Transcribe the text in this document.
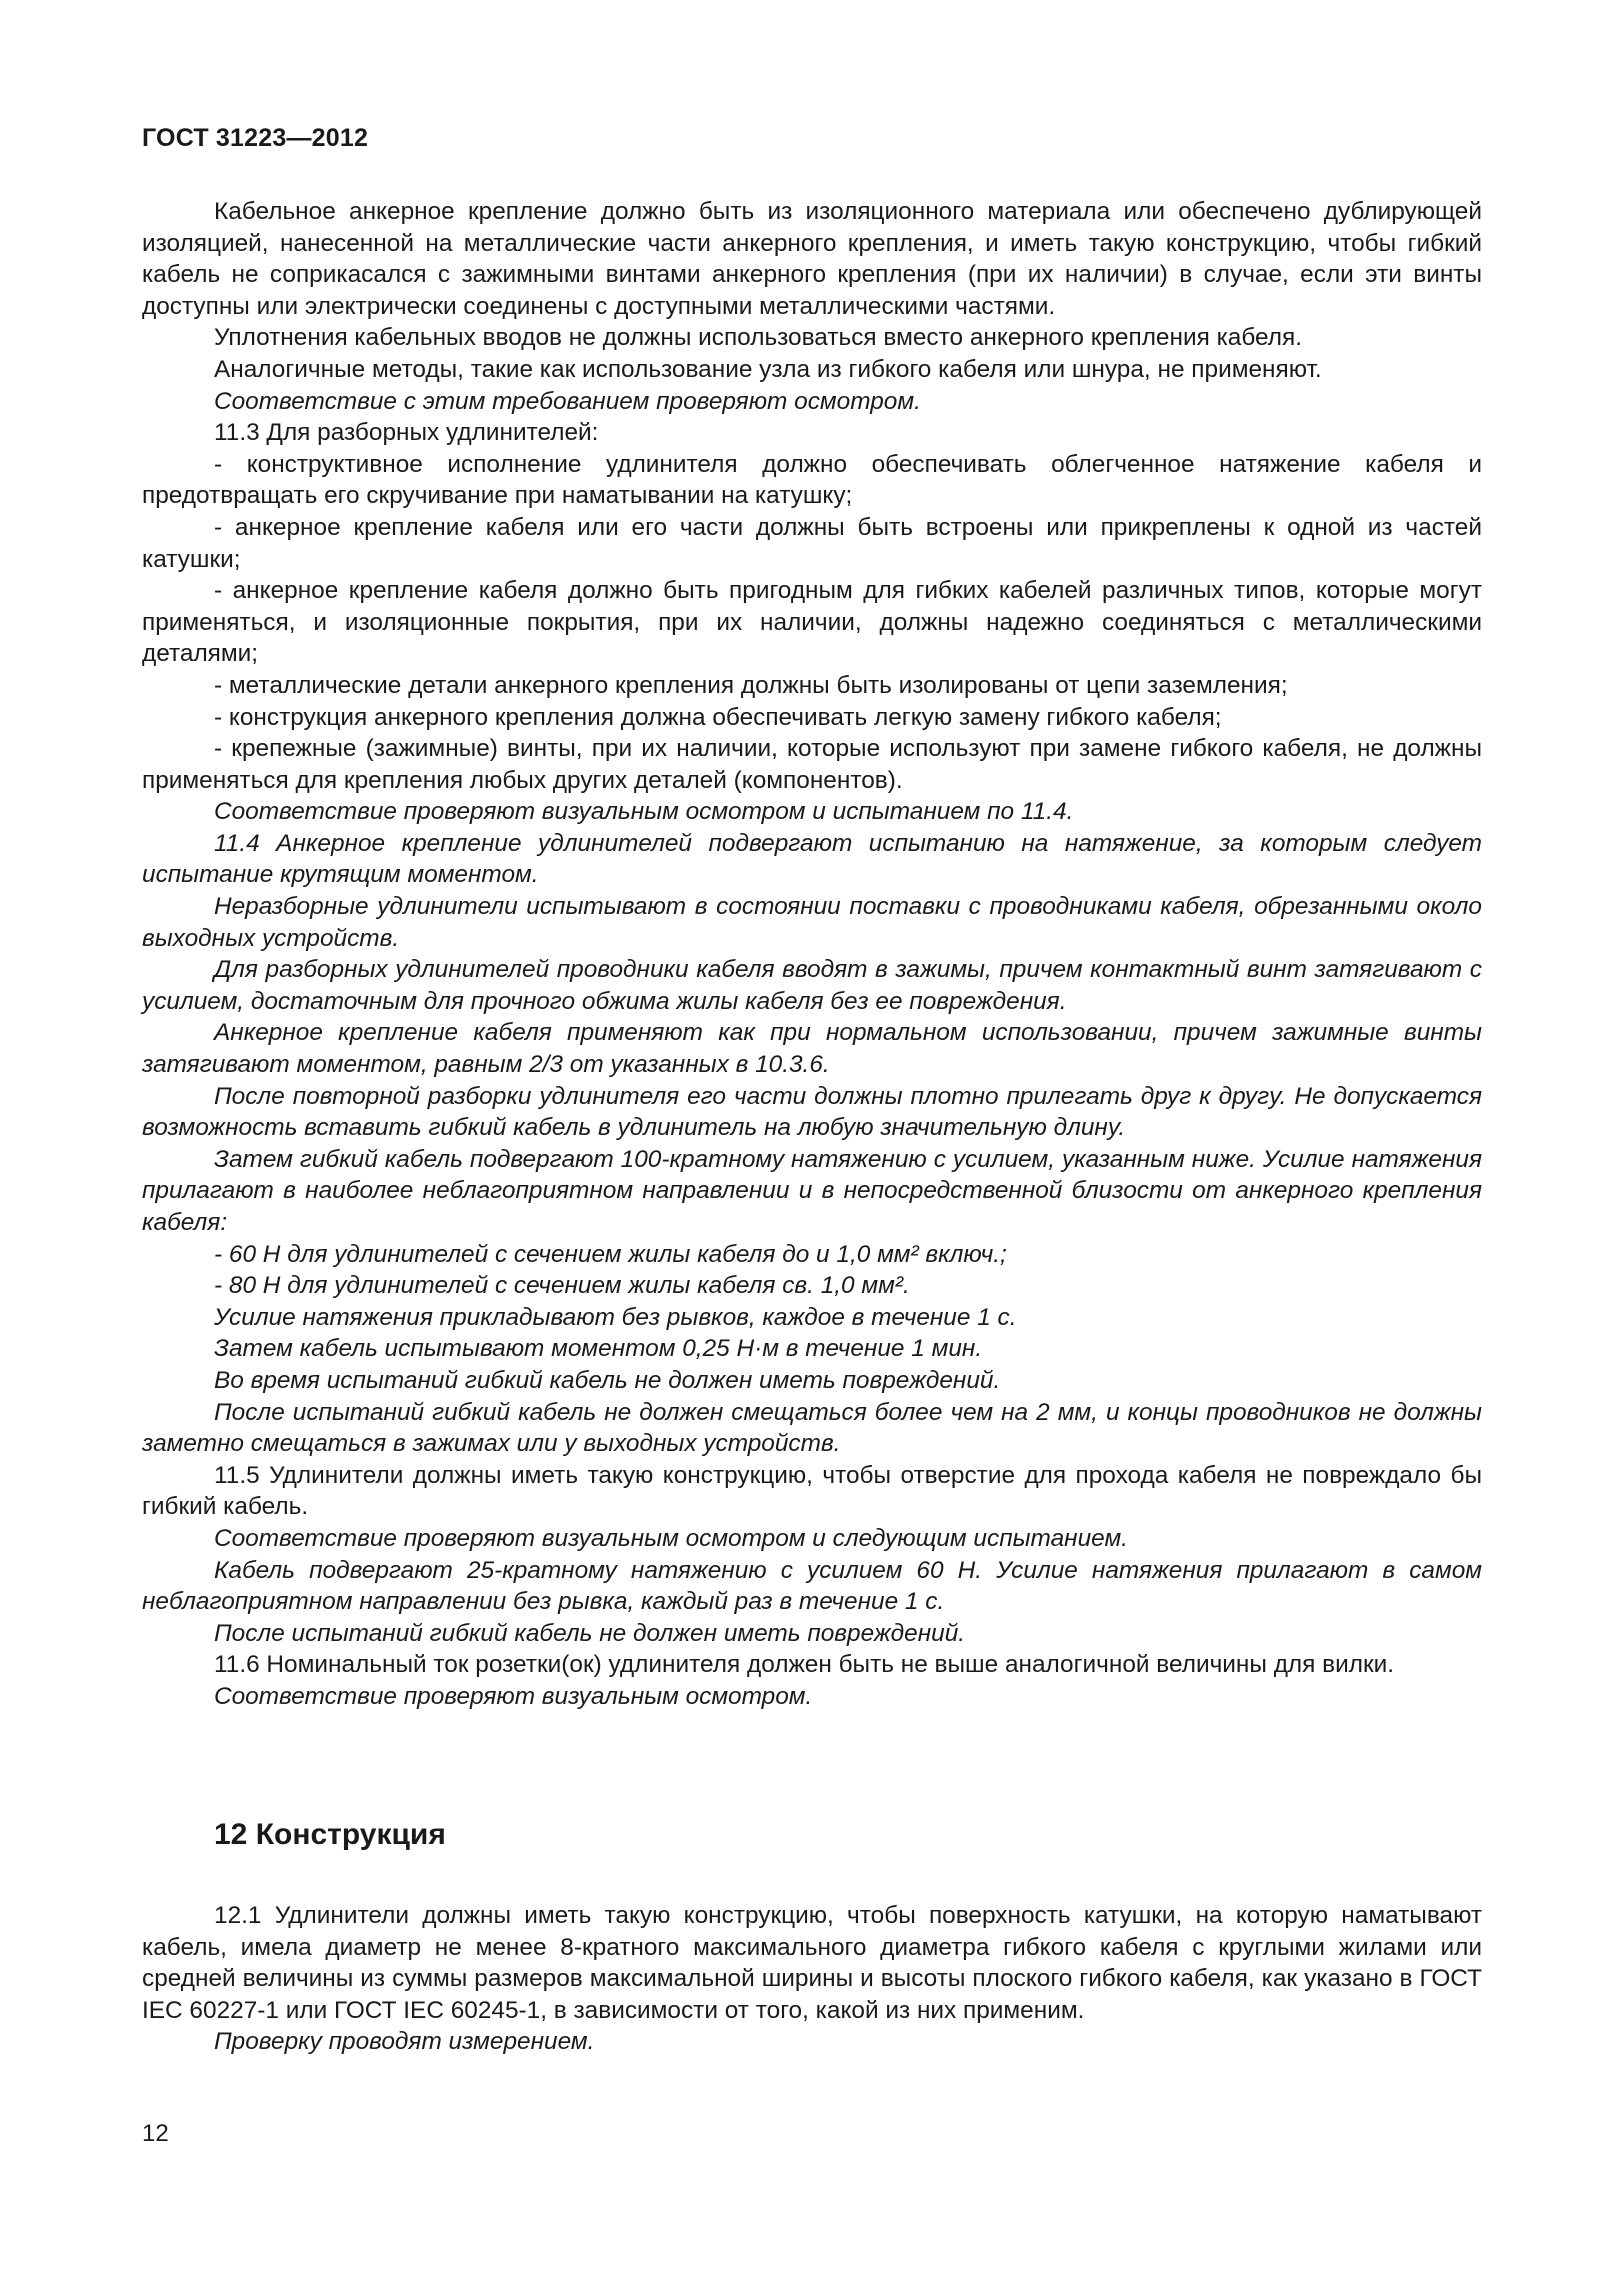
ГОСТ 31223—2012

Кабельное анкерное крепление должно быть из изоляционного материала или обеспечено дублирующей изоляцией, нанесенной на металлические части анкерного крепления, и иметь такую конструкцию, чтобы гибкий кабель не соприкасался с зажимными винтами анкерного крепления (при их наличии) в случае, если эти винты доступны или электрически соединены с доступными металлическими частями.

Уплотнения кабельных вводов не должны использоваться вместо анкерного крепления кабеля.

Аналогичные методы, такие как использование узла из гибкого кабеля или шнура, не применяют.

Соответствие с этим требованием проверяют осмотром.

11.3 Для разборных удлинителей:

- конструктивное исполнение удлинителя должно обеспечивать облегченное натяжение кабеля и предотвращать его скручивание при наматывании на катушку;

- анкерное крепление кабеля или его части должны быть встроены или прикреплены к одной из частей катушки;

- анкерное крепление кабеля должно быть пригодным для гибких кабелей различных типов, которые могут применяться, и изоляционные покрытия, при их наличии, должны надежно соединяться с металлическими деталями;

- металлические детали анкерного крепления должны быть изолированы от цепи заземления;

- конструкция анкерного крепления должна обеспечивать легкую замену гибкого кабеля;

- крепежные (зажимные) винты, при их наличии, которые используют при замене гибкого кабеля, не должны применяться для крепления любых других деталей (компонентов).

Соответствие проверяют визуальным осмотром и испытанием по 11.4.

11.4 Анкерное крепление удлинителей подвергают испытанию на натяжение, за которым следует испытание крутящим моментом.

Неразборные удлинители испытывают в состоянии поставки с проводниками кабеля, обрезанными около выходных устройств.

Для разборных удлинителей проводники кабеля вводят в зажимы, причем контактный винт затягивают с усилием, достаточным для прочного обжима жилы кабеля без ее повреждения.

Анкерное крепление кабеля применяют как при нормальном использовании, причем зажимные винты затягивают моментом, равным 2/3 от указанных в 10.3.6.

После повторной разборки удлинителя его части должны плотно прилегать друг к другу. Не допускается возможность вставить гибкий кабель в удлинитель на любую значительную длину.

Затем гибкий кабель подвергают 100-кратному натяжению с усилием, указанным ниже. Усилие натяжения прилагают в наиболее неблагоприятном направлении и в непосредственной близости от анкерного крепления кабеля:

- 60 Н для удлинителей с сечением жилы кабеля до и 1,0 мм² включ.;

- 80 Н для удлинителей с сечением жилы кабеля св. 1,0 мм².

Усилие натяжения прикладывают без рывков, каждое в течение 1 с.

Затем кабель испытывают моментом 0,25 Н·м в течение 1 мин.

Во время испытаний гибкий кабель не должен иметь повреждений.

После испытаний гибкий кабель не должен смещаться более чем на 2 мм, и концы проводников не должны заметно смещаться в зажимах или у выходных устройств.

11.5 Удлинители должны иметь такую конструкцию, чтобы отверстие для прохода кабеля не повреждало бы гибкий кабель.

Соответствие проверяют визуальным осмотром и следующим испытанием.

Кабель подвергают 25-кратному натяжению с усилием 60 Н. Усилие натяжения прилагают в самом неблагоприятном направлении без рывка, каждый раз в течение 1 с.

После испытаний гибкий кабель не должен иметь повреждений.

11.6 Номинальный ток розетки(ок) удлинителя должен быть не выше аналогичной величины для вилки.

Соответствие проверяют визуальным осмотром.

12 Конструкция

12.1 Удлинители должны иметь такую конструкцию, чтобы поверхность катушки, на которую наматывают кабель, имела диаметр не менее 8-кратного максимального диаметра гибкого кабеля с круглыми жилами или средней величины из суммы размеров максимальной ширины и высоты плоского гибкого кабеля, как указано в ГОСТ IEC 60227-1 или ГОСТ IEC 60245-1, в зависимости от того, какой из них применим.

Проверку проводят измерением.

12
